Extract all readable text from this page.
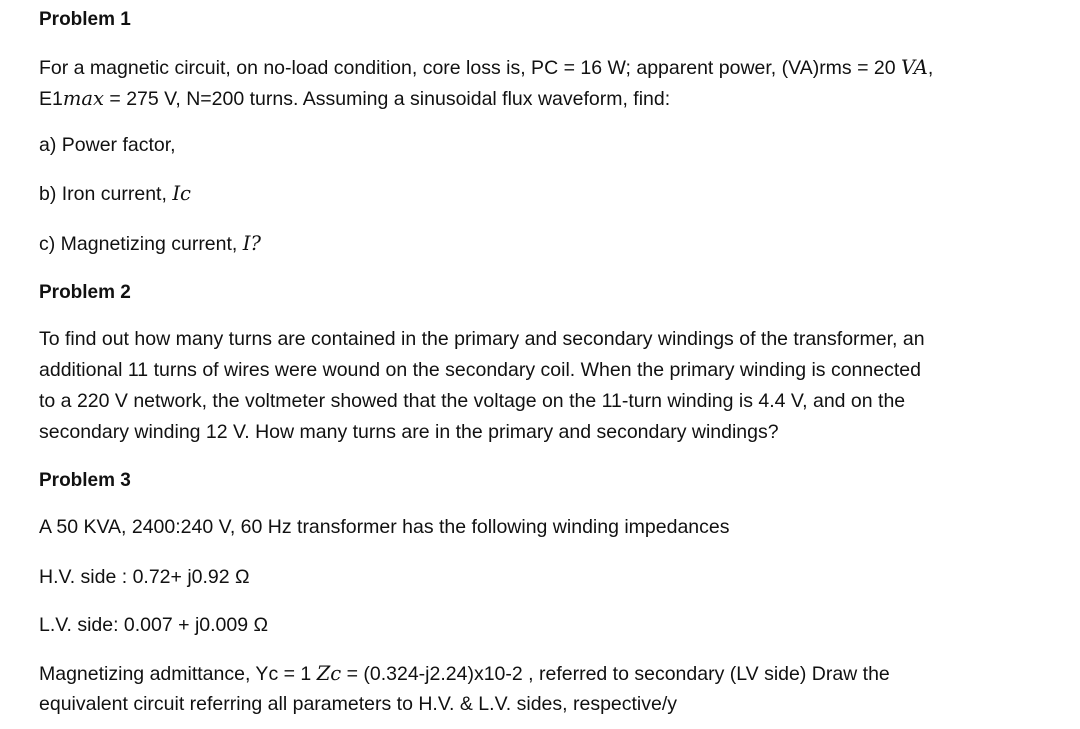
Problem 1
For a magnetic circuit, on no-load condition, core loss is, PC = 16 W; apparent power, (VA)rms = 20 VA,
E1max = 275 V, N=200 turns. Assuming a sinusoidal flux waveform, find:
a) Power factor,
b) Iron current, Ic
c) Magnetizing current, I?
Problem 2
To find out how many turns are contained in the primary and secondary windings of the transformer, an
additional 11 turns of wires were wound on the secondary coil. When the primary winding is connected
to a 220 V network, the voltmeter showed that the voltage on the 11-turn winding is 4.4 V, and on the
secondary winding 12 V. How many turns are in the primary and secondary windings?
Problem 3
A 50 KVA, 2400:240 V, 60 Hz transformer has the following winding impedances
H.V. side : 0.72+ j0.92 Ω
L.V. side: 0.007 + j0.009 Ω
Magnetizing admittance, Yc = 1 Zc = (0.324-j2.24)x10-2 , referred to secondary (LV side) Draw the
equivalent circuit referring all parameters to H.V. & L.V. sides, respective/y
